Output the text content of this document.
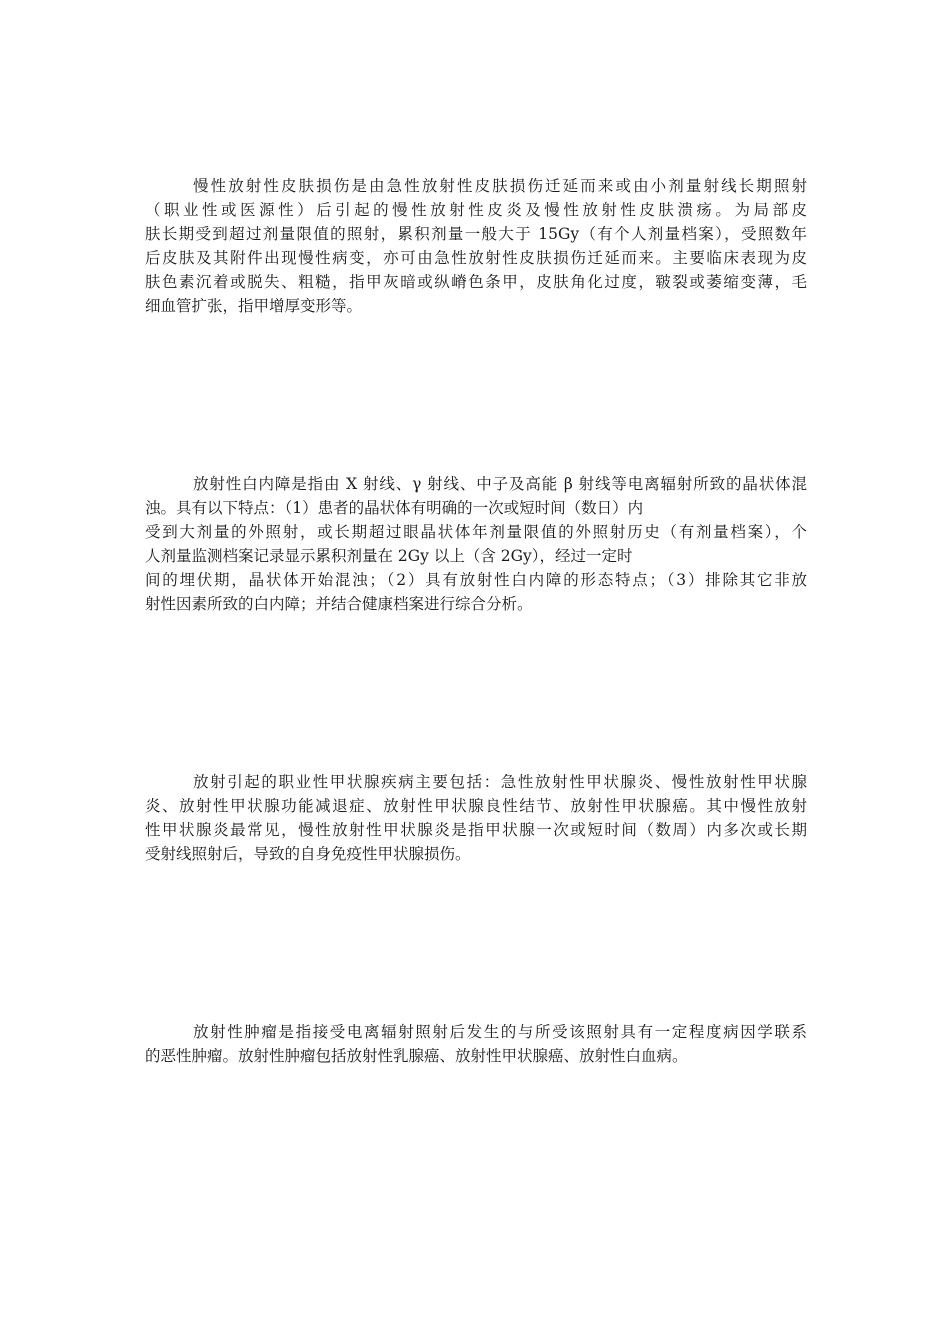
慢性放射性皮肤损伤是由急性放射性皮肤损伤迁延而来或由小剂量射线长期照射
（职业性或医源性）后引起的慢性放射性皮炎及慢性放射性皮肤溃疡。为局部皮
肤长期受到超过剂量限值的照射，累积剂量一般大于 15Gy（有个人剂量档案），受照数年
后皮肤及其附件出现慢性病变，亦可由急性放射性皮肤损伤迁延而来。主要临床表现为皮
肤色素沉着或脱失、粗糙，指甲灰暗或纵嵴色条甲，皮肤角化过度，皲裂或萎缩变薄，毛
细血管扩张，指甲增厚变形等。
放射性白内障是指由 X 射线、γ 射线、中子及高能 β 射线等电离辐射所致的晶状体混
浊。具有以下特点：（1）患者的晶状体有明确的一次或短时间（数日）内
受到大剂量的外照射，或长期超过眼晶状体年剂量限值的外照射历史（有剂量档案），个
人剂量监测档案记录显示累积剂量在 2Gy 以上（含 2Gy），经过一定时
间的埋伏期，晶状体开始混浊；（2）具有放射性白内障的形态特点；（3）排除其它非放
射性因素所致的白内障；并结合健康档案进行综合分析。
放射引起的职业性甲状腺疾病主要包括：急性放射性甲状腺炎、慢性放射性甲状腺
炎、放射性甲状腺功能减退症、放射性甲状腺良性结节、放射性甲状腺癌。其中慢性放射
性甲状腺炎最常见，慢性放射性甲状腺炎是指甲状腺一次或短时间（数周）内多次或长期
受射线照射后，导致的自身免疫性甲状腺损伤。
放射性肿瘤是指接受电离辐射照射后发生的与所受该照射具有一定程度病因学联系
的恶性肿瘤。放射性肿瘤包括放射性乳腺癌、放射性甲状腺癌、放射性白血病。
